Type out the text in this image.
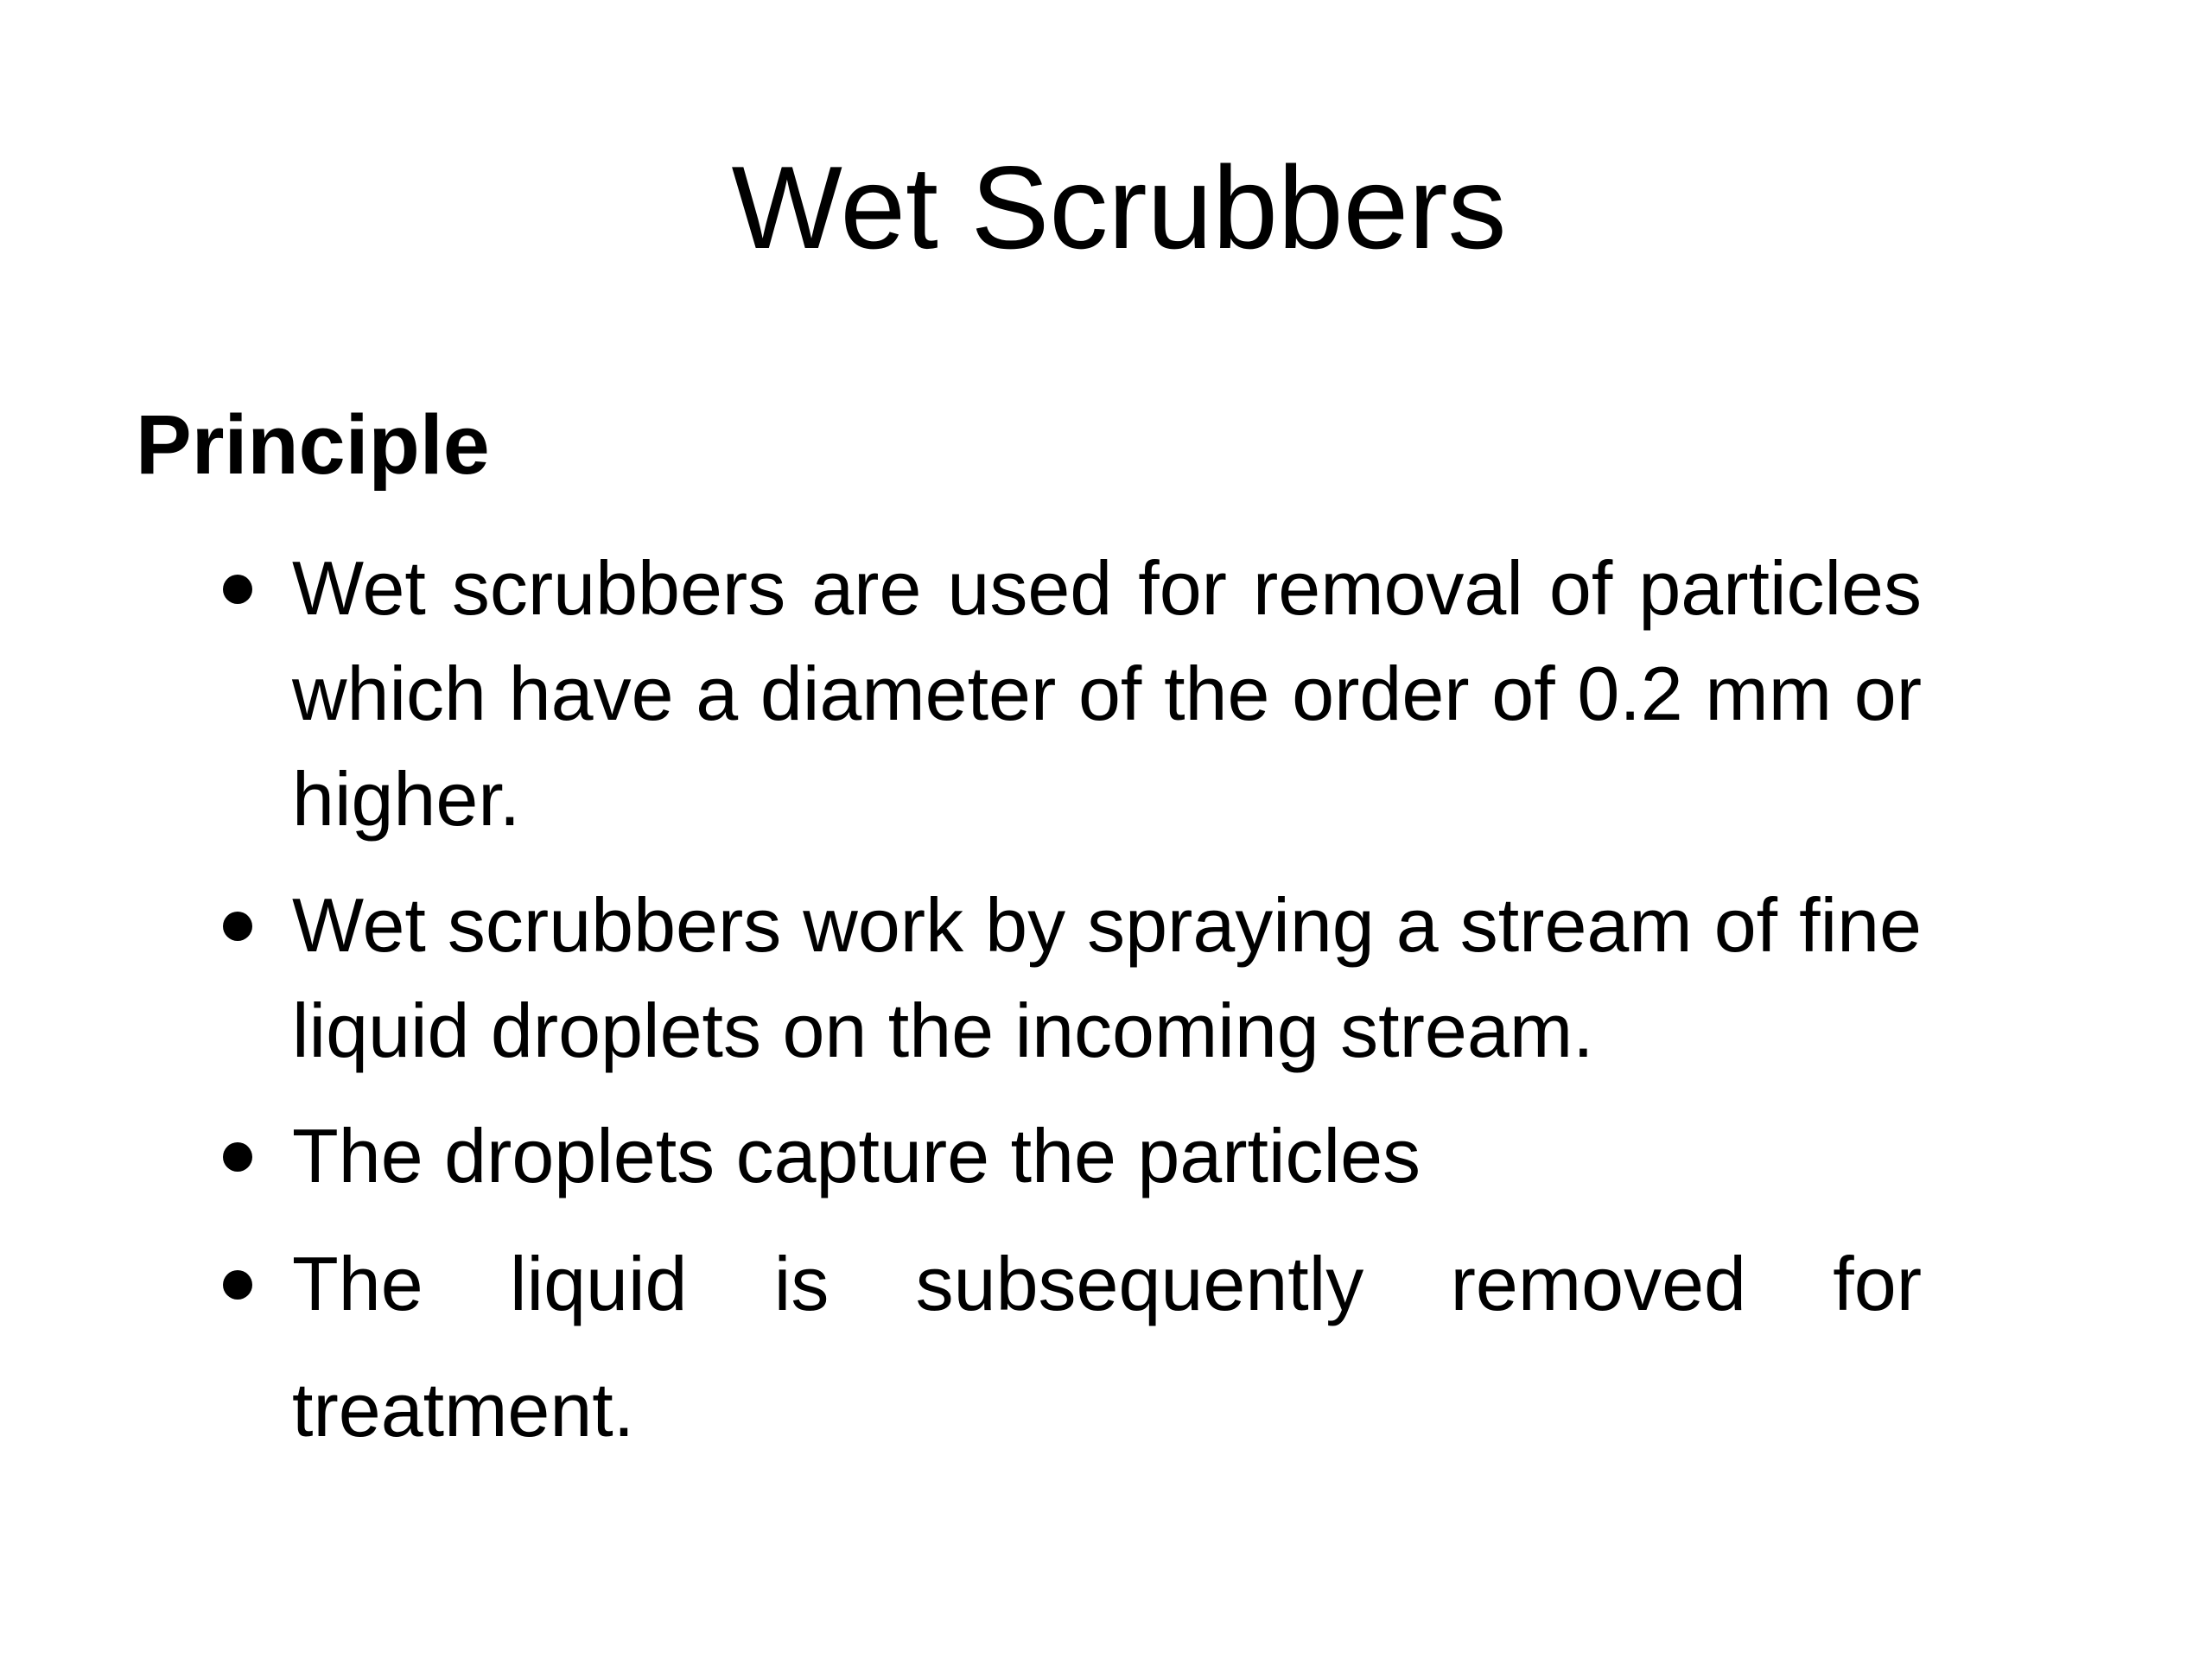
Wet Scrubbers
Principle

Wet scrubbers are used for removal of particles which have a diameter of the order of 0.2 mm or higher.

Wet scrubbers work by spraying a stream of fine liquid droplets on the incoming stream.

The droplets capture the particles

The liquid is subsequently removed for treatment.
